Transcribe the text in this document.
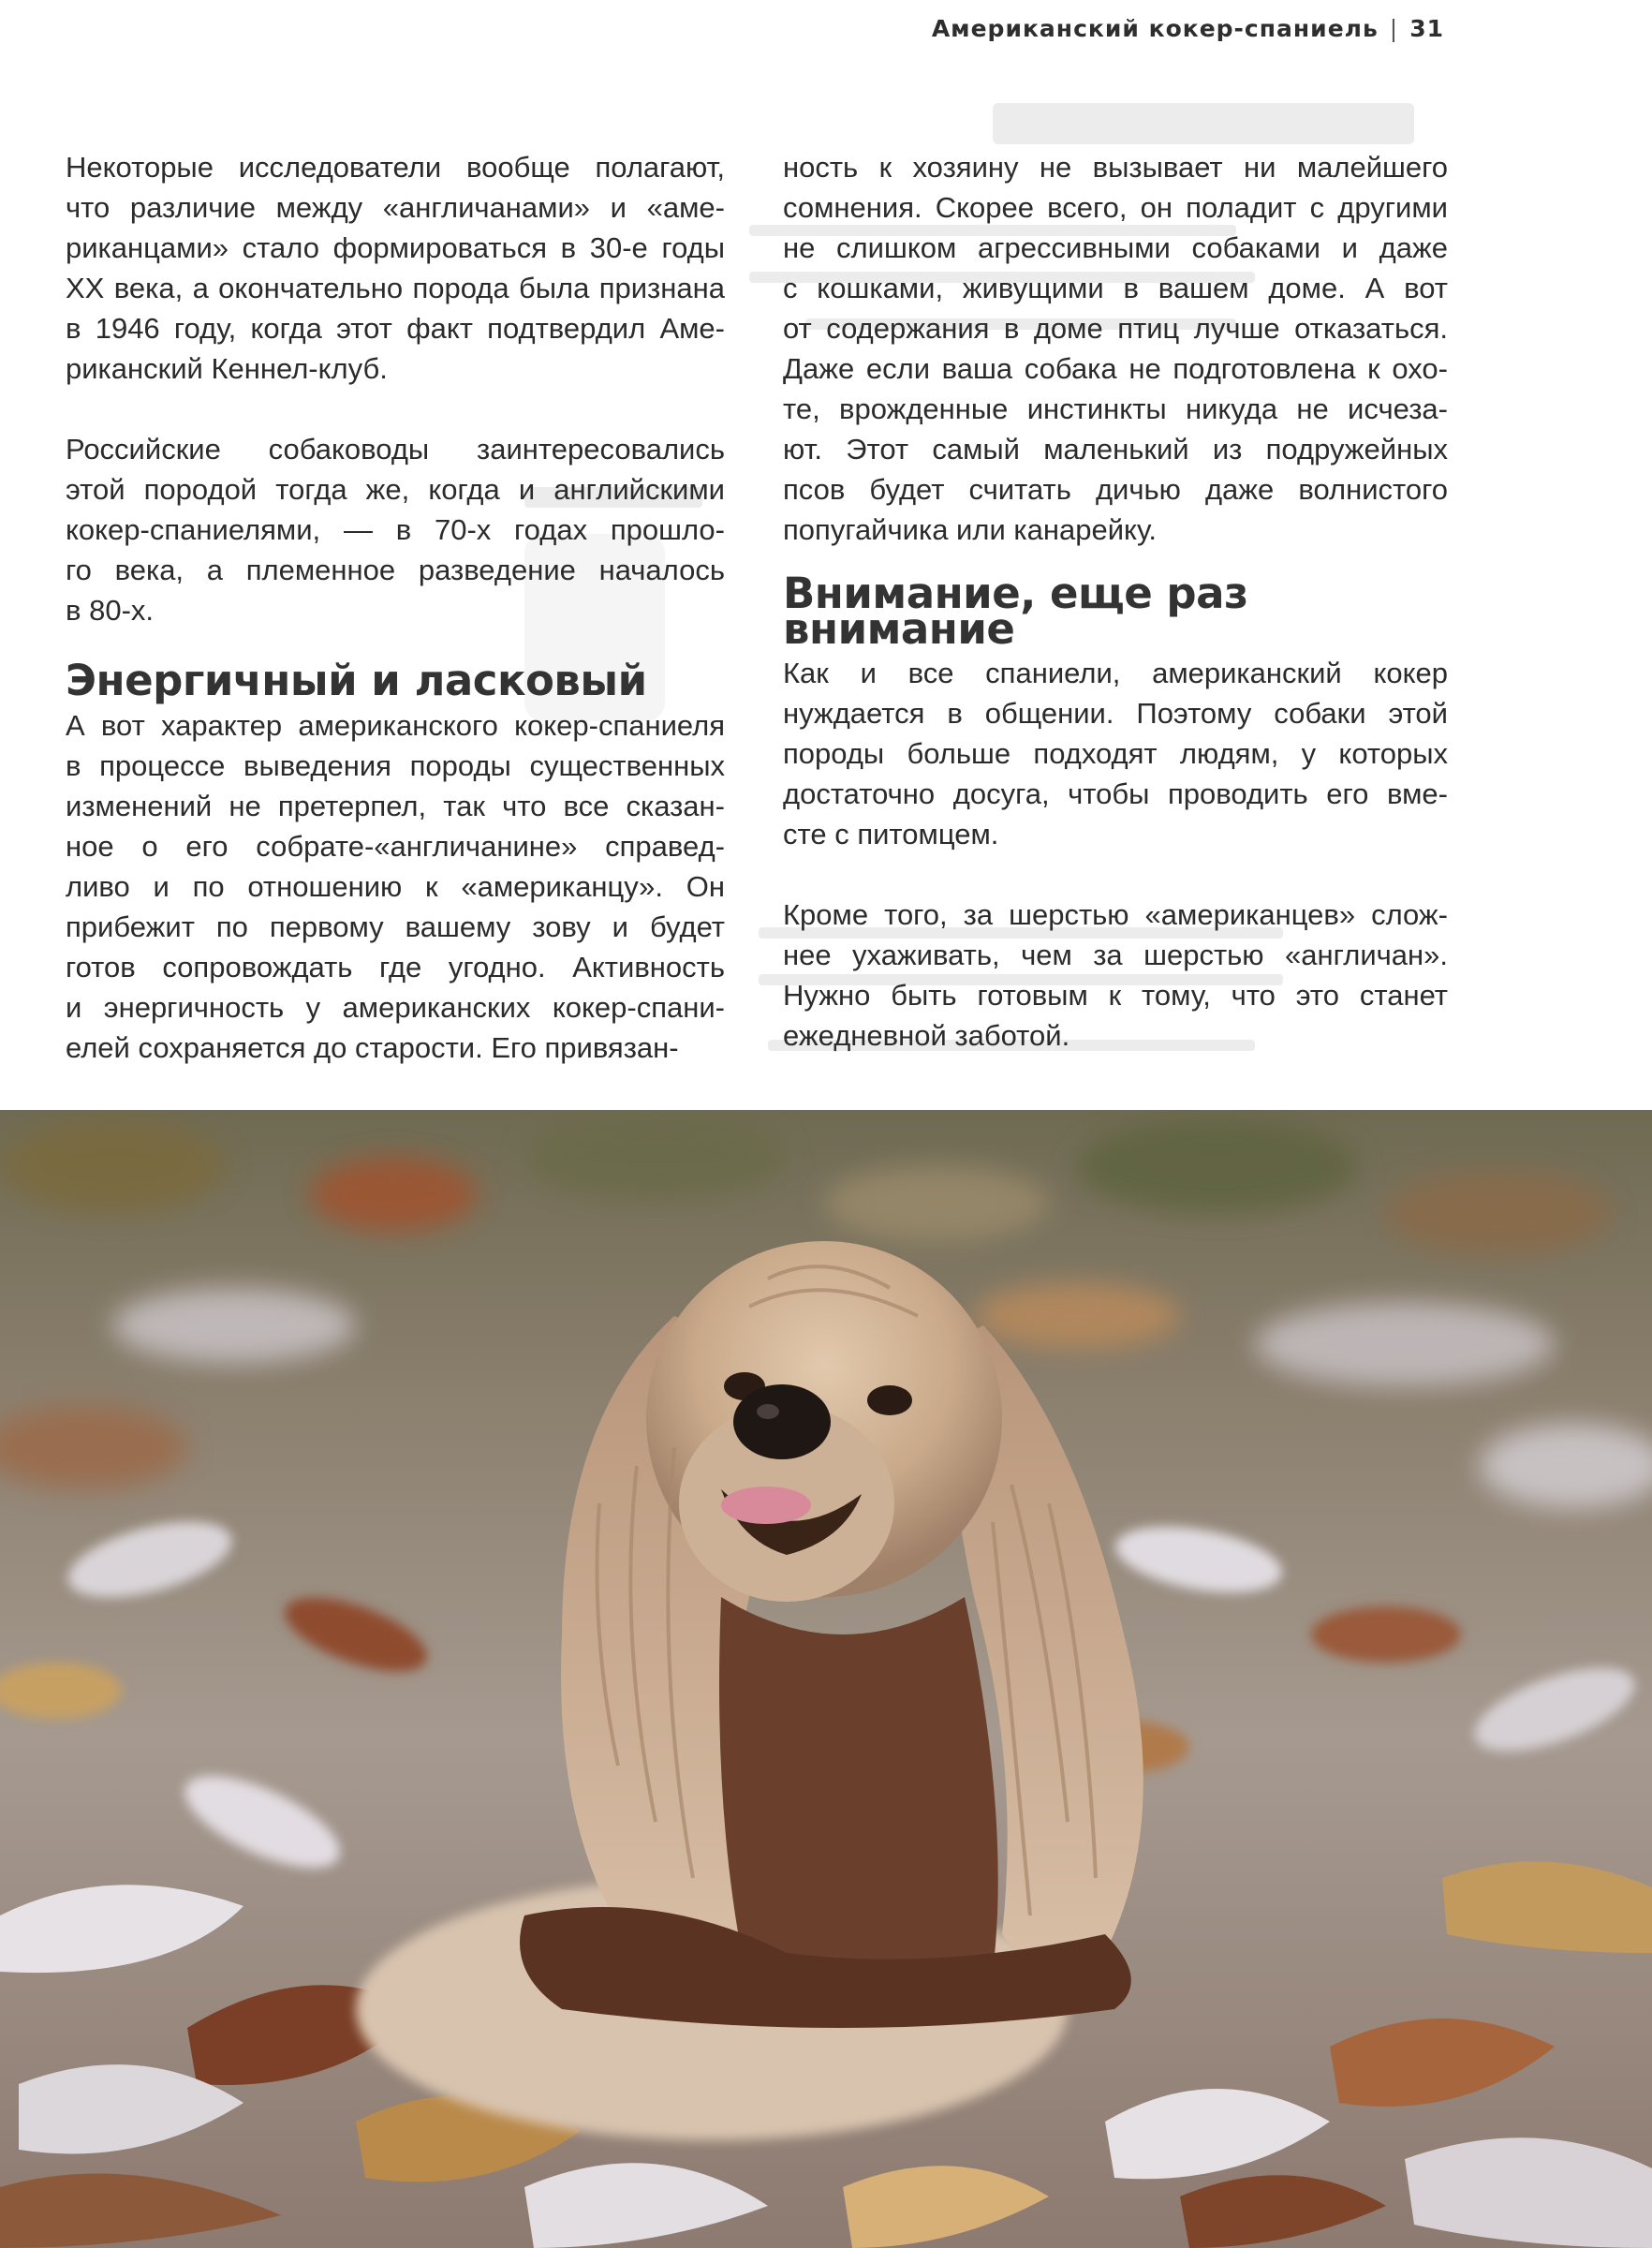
Американский кокер-спаниель | 31

Некоторые исследователи вообще полагают,
что различие между «англичанами» и «аме-
риканцами» стало формироваться в 30-е годы
XX века, а окончательно порода была признана
в 1946 году, когда этот факт подтвердил Аме-
риканский Кеннел-клуб.

Российские собаководы заинтересовались
этой породой тогда же, когда и английскими
кокер-спаниелями, — в 70-х годах прошло-
го века, а племенное разведение началось
в 80-х.

Энергичный и ласковый

А вот характер американского кокер-спаниеля
в процессе выведения породы существенных
изменений не претерпел, так что все сказан-
ное о его собрате-«англичанине» справед-
ливо и по отношению к «американцу». Он
прибежит по первому вашему зову и будет
готов сопровождать где угодно. Активность
и энергичность у американских кокер-спани-
елей сохраняется до старости. Его привязан-

ность к хозяину не вызывает ни малейшего
сомнения. Скорее всего, он поладит с другими
не слишком агрессивными собаками и даже
с кошками, живущими в вашем доме. А вот
от содержания в доме птиц лучше отказаться.
Даже если ваша собака не подготовлена к охо-
те, врожденные инстинкты никуда не исчеза-
ют. Этот самый маленький из подружейных
псов будет считать дичью даже волнистого
попугайчика или канарейку.

Внимание, еще раз
внимание

Как и все спаниели, американский кокер
нуждается в общении. Поэтому собаки этой
породы больше подходят людям, у которых
достаточно досуга, чтобы проводить его вме-
сте с питомцем.

Кроме того, за шерстью «американцев» слож-
нее ухаживать, чем за шерстью «англичан».
Нужно быть готовым к тому, что это станет
ежедневной заботой.
